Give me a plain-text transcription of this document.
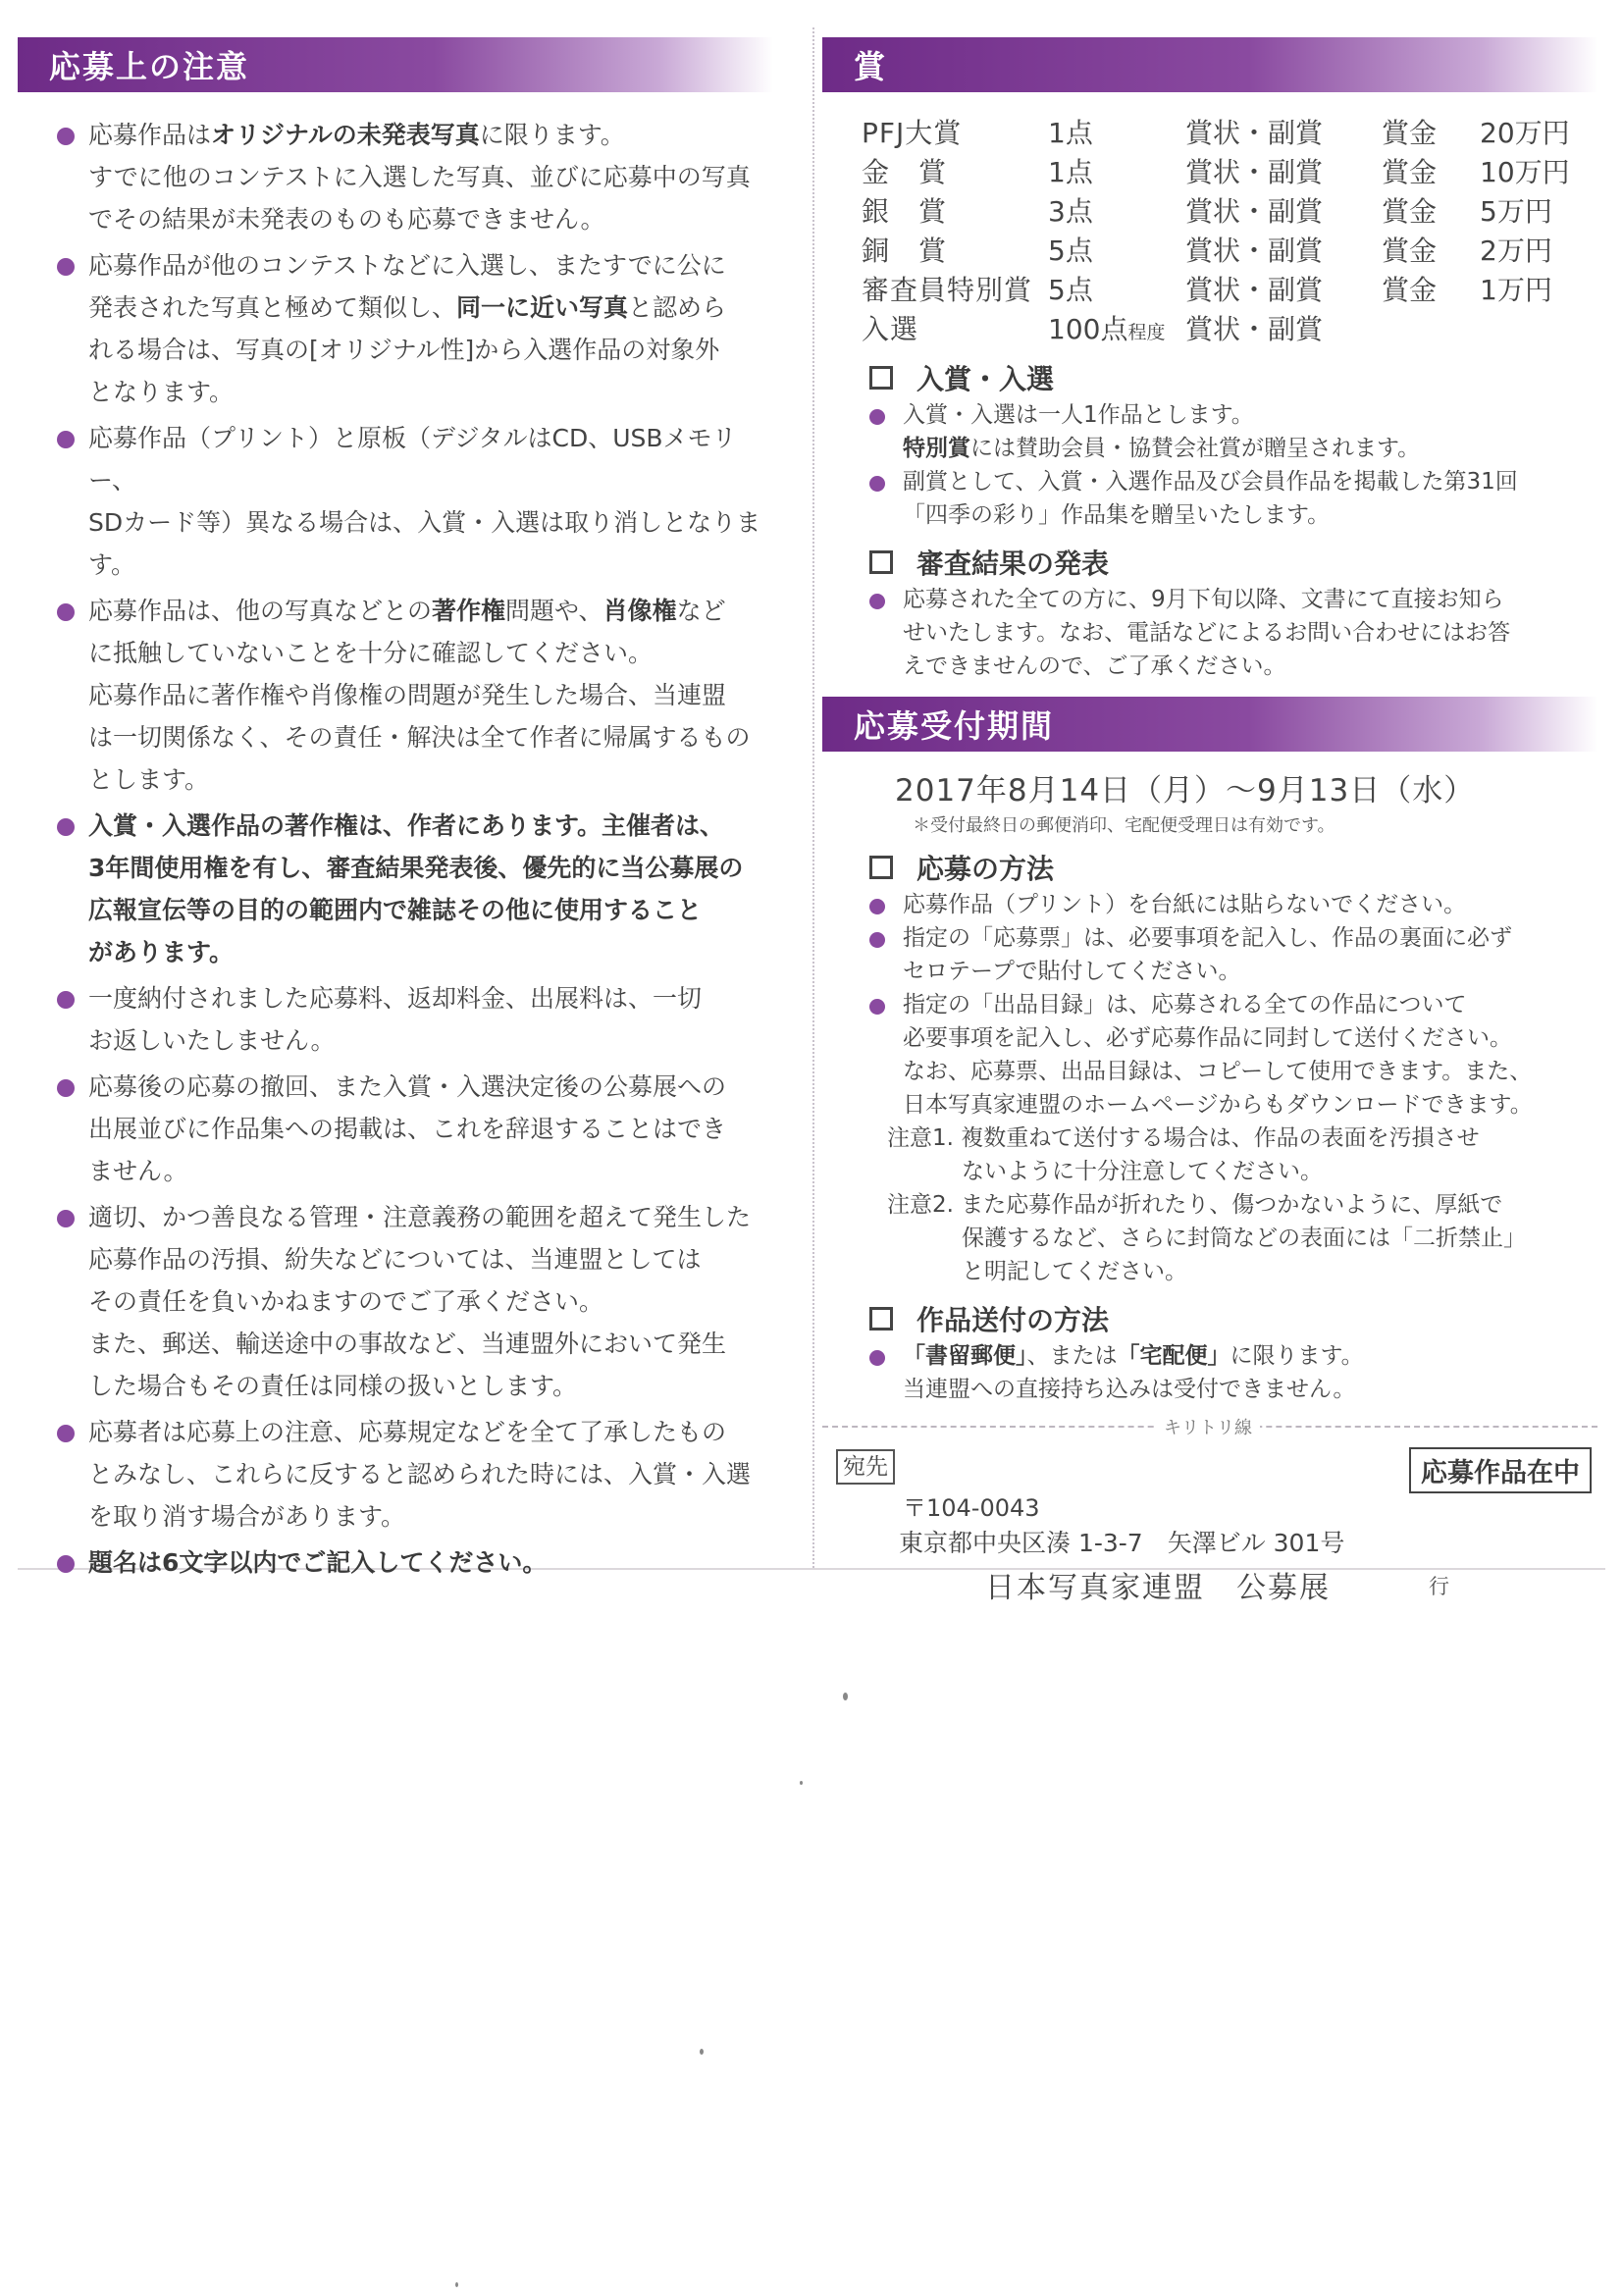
応募上の注意

応募作品はオリジナルの未発表写真に限ります。

すでに他のコンテストに入選した写真、並びに応募中の写真

でその結果が未発表のものも応募できません。

応募作品が他のコンテストなどに入選し、またすでに公に

発表された写真と極めて類似し、同一に近い写真と認めら

れる場合は、写真の[オリジナル性]から入選作品の対象外

となります。

応募作品（プリント）と原板（デジタルはCD、USBメモリー、

SDカード等）異なる場合は、入賞・入選は取り消しとなります。

応募作品は、他の写真などとの著作権問題や、肖像権など

に抵触していないことを十分に確認してください。

応募作品に著作権や肖像権の問題が発生した場合、当連盟

は一切関係なく、その責任・解決は全て作者に帰属するもの

とします。

入賞・入選作品の著作権は、作者にあります。主催者は、

3年間使用権を有し、審査結果発表後、優先的に当公募展の

広報宣伝等の目的の範囲内で雑誌その他に使用すること

があります。

一度納付されました応募料、返却料金、出展料は、一切

お返しいたしません。

応募後の応募の撤回、また入賞・入選決定後の公募展への

出展並びに作品集への掲載は、これを辞退することはでき

ません。

適切、かつ善良なる管理・注意義務の範囲を超えて発生した

応募作品の汚損、紛失などについては、当連盟としては

その責任を負いかねますのでご了承ください。

また、郵送、輸送途中の事故など、当連盟外において発生

した場合もその責任は同様の扱いとします。

応募者は応募上の注意、応募規定などを全て了承したもの

とみなし、これらに反すると認められた時には、入賞・入選

を取り消す場合があります。

題名は6文字以内でご記入してください。

賞
PFJ大賞	1点	賞状・副賞	賞金	20万円
金　賞	1点	賞状・副賞	賞金	10万円
銀　賞	3点	賞状・副賞	賞金	5万円
銅　賞	5点	賞状・副賞	賞金	2万円
審査員特別賞 5点	賞状・副賞	賞金	1万円
入選	100点程度 賞状・副賞
入賞・入選

入賞・入選は一人1作品とします。

特別賞には賛助会員・協賛会社賞が贈呈されます。

副賞として、入賞・入選作品及び会員作品を掲載した第31回

「四季の彩り」作品集を贈呈いたします。

審査結果の発表

応募された全ての方に、9月下旬以降、文書にて直接お知ら

せいたします。なお、電話などによるお問い合わせにはお答

えできませんので、ご了承ください。

応募受付期間
2017年8月14日（月）～9月13日（水）
＊受付最終日の郵便消印、宅配便受理日は有効です。
応募の方法

応募作品（プリント）を台紙には貼らないでください。

指定の「応募票」は、必要事項を記入し、作品の裏面に必ず

セロテープで貼付してください。

指定の「出品目録」は、応募される全ての作品について

必要事項を記入し、必ず応募作品に同封して送付ください。

なお、応募票、出品目録は、コピーして使用できます。また、

日本写真家連盟のホームページからもダウンロードできます。

注意1. 複数重ねて送付する場合は、作品の表面を汚損させ
ないように十分注意してください。
注意2. また応募作品が折れたり、傷つかないように、厚紙で
保護するなど、さらに封筒などの表面には「二折禁止」
と明記してください。
作品送付の方法

「書留郵便」、または「宅配便」に限ります。

当連盟への直接持ち込みは受付できません。

キリトリ線
宛先	応募作品在中
〒104-0043
東京都中央区湊 1-3-7　矢澤ビル 301号
日本写真家連盟　公募展	行
